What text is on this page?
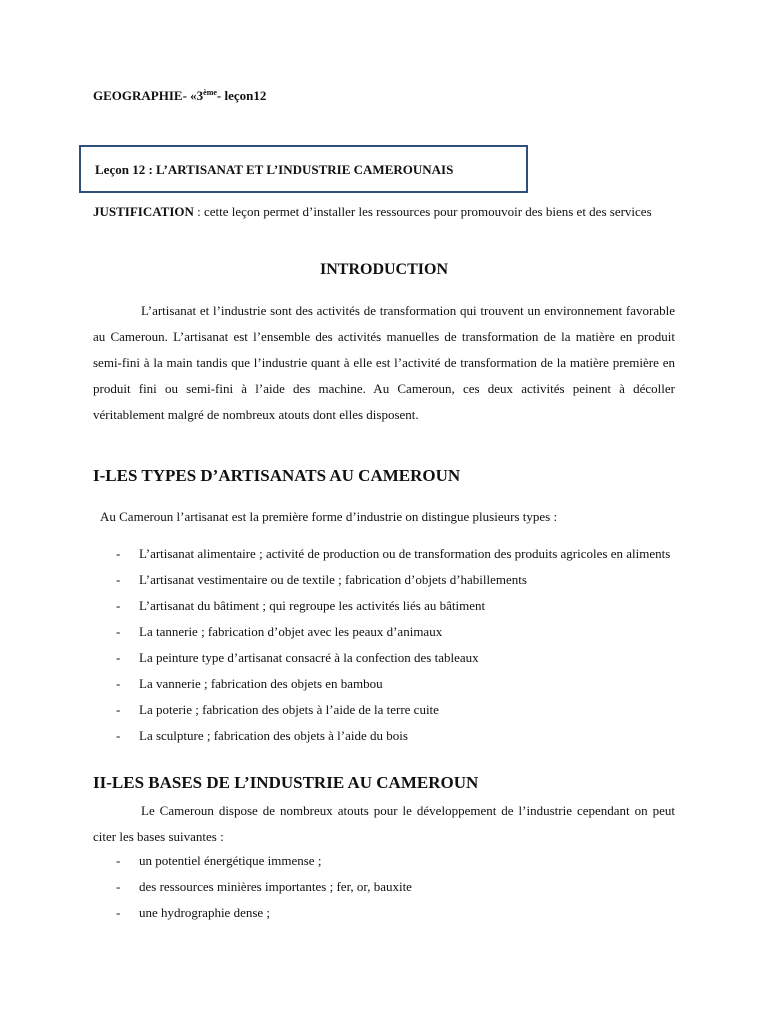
GEOGRAPHIE- «3ème- leçon12
Leçon 12 : L’ARTISANAT ET L’INDUSTRIE CAMEROUNAIS
JUSTIFICATION : cette leçon permet d’installer les ressources pour promouvoir des biens et des services
INTRODUCTION

L’artisanat et l’industrie sont des activités de transformation qui trouvent un environnement favorable au Cameroun. L’artisanat est l’ensemble des activités manuelles de transformation de la matière en produit semi-fini à la main tandis que l’industrie quant à elle est l’activité de transformation de la matière première en produit fini ou semi-fini à l’aide des machine. Au Cameroun, ces deux activités peinent à décoller véritablement malgré de nombreux atouts dont elles disposent.

I-LES TYPES D’ARTISANATS AU CAMEROUN
Au Cameroun l’artisanat est la première forme d’industrie on distingue plusieurs types :
- L’artisanat alimentaire ; activité de production ou de transformation des produits agricoles en aliments
- L’artisanat vestimentaire ou de textile ; fabrication d’objets d’habillements
- L’artisanat du bâtiment ; qui regroupe les activités liés au bâtiment
- La tannerie ; fabrication d’objet avec les peaux d’animaux
- La peinture type d’artisanat consacré à la confection des tableaux
- La vannerie ; fabrication des objets en bambou
- La poterie ; fabrication des objets à l’aide de la terre cuite
- La sculpture ; fabrication des objets à l’aide du bois
II-LES BASES DE L’INDUSTRIE AU CAMEROUN

Le Cameroun dispose de nombreux atouts pour le développement de l’industrie cependant on peut citer les bases suivantes :

- un potentiel énergétique immense ;
- des ressources minières importantes ; fer, or, bauxite
- une hydrographie dense ;
